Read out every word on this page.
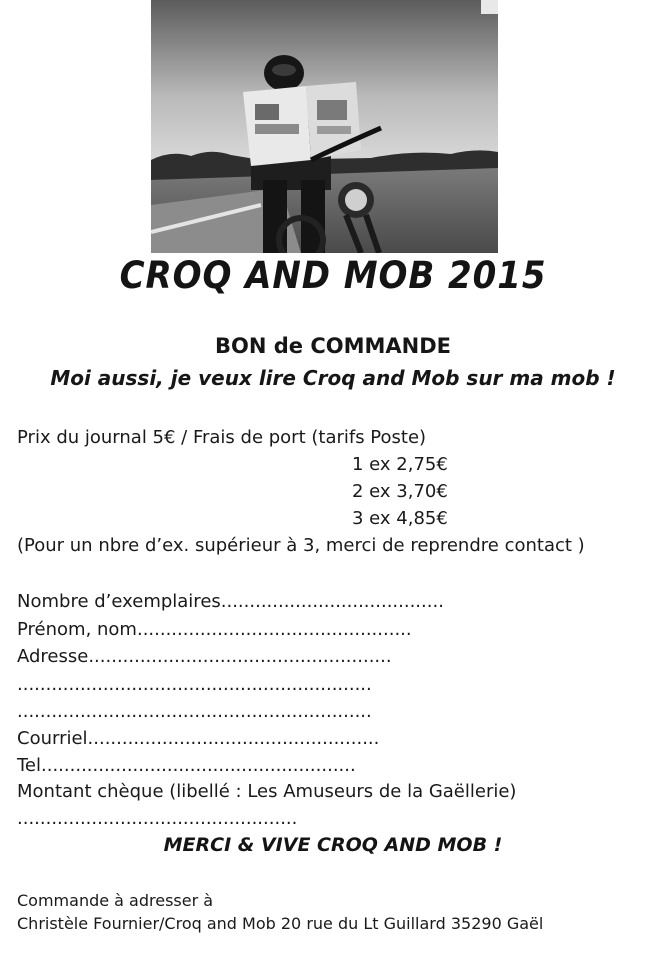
CROQ AND MOB 2015
BON de COMMANDE
Moi aussi, je veux lire Croq and Mob sur ma mob !
Prix du journal 5€ / Frais de port (tarifs Poste)
1 ex 2,75€
2 ex 3,70€
3 ex 4,85€
(Pour un nbre d’ex. supérieur à 3, merci de reprendre contact )
Nombre d’exemplaires.......................................
Prénom, nom................................................
Adresse.....................................................
..............................................................
..............................................................
Courriel...................................................
Tel.......................................................
Montant chèque (libellé : Les Amuseurs de la Gaëllerie)
.................................................
MERCI & VIVE CROQ AND MOB !
Commande à adresser à
Christèle Fournier/Croq and Mob 20 rue du Lt Guillard 35290 Gaël
